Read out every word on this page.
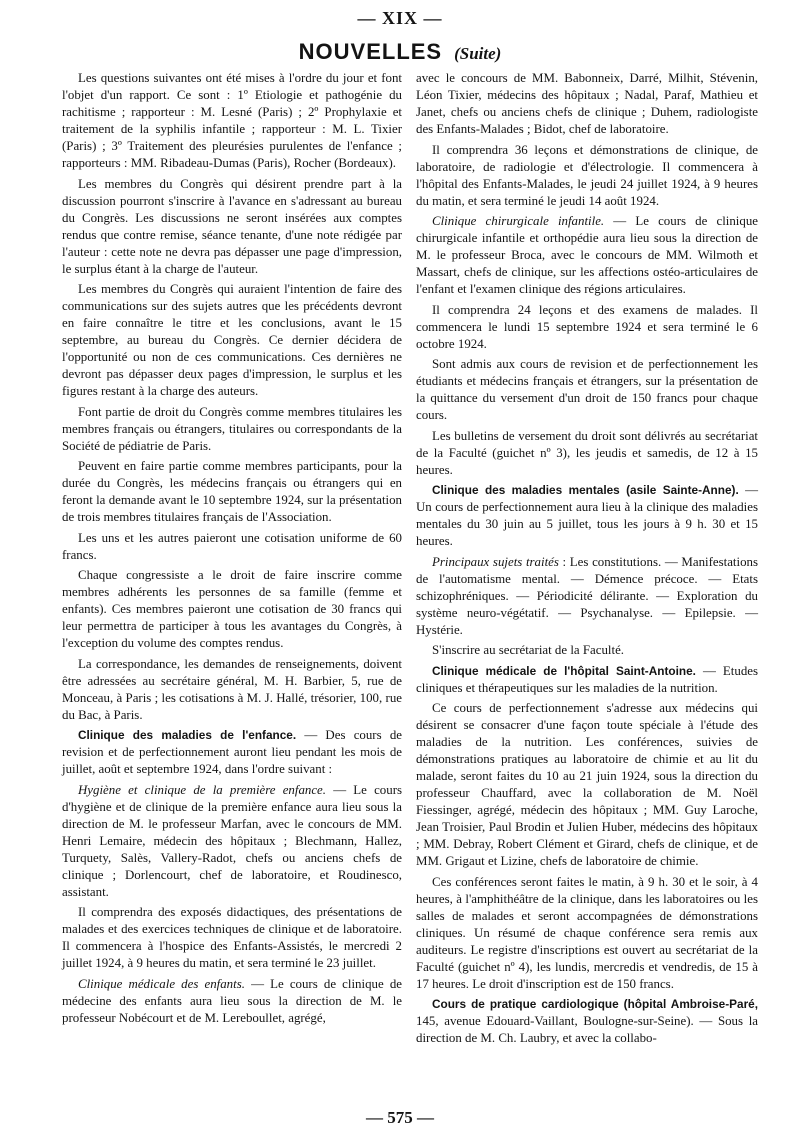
— XIX —
NOUVELLES (Suite)

Les questions suivantes ont été mises à l'ordre du jour et font l'objet d'un rapport. Ce sont : 1º Etiologie et pathogénie du rachitisme ; rapporteur : M. Lesné (Paris) ; 2º Prophylaxie et traitement de la syphilis infantile ; rapporteur : M. L. Tixier (Paris) ; 3º Traitement des pleurésies purulentes de l'enfance ; rapporteurs : MM. Ribadeau-Dumas (Paris), Rocher (Bordeaux).

Les membres du Congrès qui désirent prendre part à la discussion pourront s'inscrire à l'avance en s'adressant au bureau du Congrès. Les discussions ne seront insérées aux comptes rendus que contre remise, séance tenante, d'une note rédigée par l'auteur : cette note ne devra pas dépasser une page d'impression, le surplus étant à la charge de l'auteur.

Les membres du Congrès qui auraient l'intention de faire des communications sur des sujets autres que les précédents devront en faire connaître le titre et les conclusions, avant le 15 septembre, au bureau du Congrès. Ce dernier décidera de l'opportunité ou non de ces communications. Ces dernières ne devront pas dépasser deux pages d'impression, le surplus et les figures restant à la charge des auteurs.

Font partie de droit du Congrès comme membres titulaires les membres français ou étrangers, titulaires ou correspondants de la Société de pédiatrie de Paris.

Peuvent en faire partie comme membres participants, pour la durée du Congrès, les médecins français ou étrangers qui en feront la demande avant le 10 septembre 1924, sur la présentation de trois membres titulaires français de l'Association.

Les uns et les autres paieront une cotisation uniforme de 60 francs.

Chaque congressiste a le droit de faire inscrire comme membres adhérents les personnes de sa famille (femme et enfants). Ces membres paieront une cotisation de 30 francs qui leur permettra de participer à tous les avantages du Congrès, à l'exception du volume des comptes rendus.

La correspondance, les demandes de renseignements, doivent être adressées au secrétaire général, M. H. Barbier, 5, rue de Monceau, à Paris ; les cotisations à M. J. Hallé, trésorier, 100, rue du Bac, à Paris.

Clinique des maladies de l'enfance. — Des cours de revision et de perfectionnement auront lieu pendant les mois de juillet, août et septembre 1924, dans l'ordre suivant :

Hygiène et clinique de la première enfance. — Le cours d'hygiène et de clinique de la première enfance aura lieu sous la direction de M. le professeur Marfan, avec le concours de MM. Henri Lemaire, médecin des hôpitaux ; Blechmann, Hallez, Turquety, Salès, Vallery-Radot, chefs ou anciens chefs de clinique ; Dorlencourt, chef de laboratoire, et Roudinesco, assistant.

Il comprendra des exposés didactiques, des présentations de malades et des exercices techniques de clinique et de laboratoire. Il commencera à l'hospice des Enfants-Assistés, le mercredi 2 juillet 1924, à 9 heures du matin, et sera terminé le 23 juillet.

Clinique médicale des enfants. — Le cours de clinique de médecine des enfants aura lieu sous la direction de M. le professeur Nobécourt et de M. Lereboullet, agrégé,

avec le concours de MM. Babonneix, Darré, Milhit, Stévenin, Léon Tixier, médecins des hôpitaux ; Nadal, Paraf, Mathieu et Janet, chefs ou anciens chefs de clinique ; Duhem, radiologiste des Enfants-Malades ; Bidot, chef de laboratoire.

Il comprendra 36 leçons et démonstrations de clinique, de laboratoire, de radiologie et d'électrologie. Il commencera à l'hôpital des Enfants-Malades, le jeudi 24 juillet 1924, à 9 heures du matin, et sera terminé le jeudi 14 août 1924.

Clinique chirurgicale infantile. — Le cours de clinique chirurgicale infantile et orthopédie aura lieu sous la direction de M. le professeur Broca, avec le concours de MM. Wilmoth et Massart, chefs de clinique, sur les affections ostéo-articulaires de l'enfant et l'examen clinique des régions articulaires.

Il comprendra 24 leçons et des examens de malades. Il commencera le lundi 15 septembre 1924 et sera terminé le 6 octobre 1924.

Sont admis aux cours de revision et de perfectionnement les étudiants et médecins français et étrangers, sur la présentation de la quittance du versement d'un droit de 150 francs pour chaque cours.

Les bulletins de versement du droit sont délivrés au secrétariat de la Faculté (guichet nº 3), les jeudis et samedis, de 12 à 15 heures.

Clinique des maladies mentales (asile Sainte-Anne). — Un cours de perfectionnement aura lieu à la clinique des maladies mentales du 30 juin au 5 juillet, tous les jours à 9 h. 30 et 15 heures.

Principaux sujets traités : Les constitutions. — Manifestations de l'automatisme mental. — Démence précoce. — Etats schizophréniques. — Périodicité délirante. — Exploration du système neuro-végétatif. — Psychanalyse. — Epilepsie. — Hystérie.

S'inscrire au secrétariat de la Faculté.

Clinique médicale de l'hôpital Saint-Antoine. — Etudes cliniques et thérapeutiques sur les maladies de la nutrition.

Ce cours de perfectionnement s'adresse aux médecins qui désirent se consacrer d'une façon toute spéciale à l'étude des maladies de la nutrition. Les conférences, suivies de démonstrations pratiques au laboratoire de chimie et au lit du malade, seront faites du 10 au 21 juin 1924, sous la direction du professeur Chauffard, avec la collaboration de M. Noël Fiessinger, agrégé, médecin des hôpitaux ; MM. Guy Laroche, Jean Troisier, Paul Brodin et Julien Huber, médecins des hôpitaux ; MM. Debray, Robert Clément et Girard, chefs de clinique, et de MM. Grigaut et Lizine, chefs de laboratoire de chimie.

Ces conférences seront faites le matin, à 9 h. 30 et le soir, à 4 heures, à l'amphithéâtre de la clinique, dans les laboratoires ou les salles de malades et seront accompagnées de démonstrations cliniques. Un résumé de chaque conférence sera remis aux auditeurs. Le registre d'inscriptions est ouvert au secrétariat de la Faculté (guichet nº 4), les lundis, mercredis et vendredis, de 15 à 17 heures. Le droit d'inscription est de 150 francs.

Cours de pratique cardiologique (hôpital Ambroise-Paré, 145, avenue Edouard-Vaillant, Boulogne-sur-Seine). — Sous la direction de M. Ch. Laubry, et avec la collabo-

— 575 —
